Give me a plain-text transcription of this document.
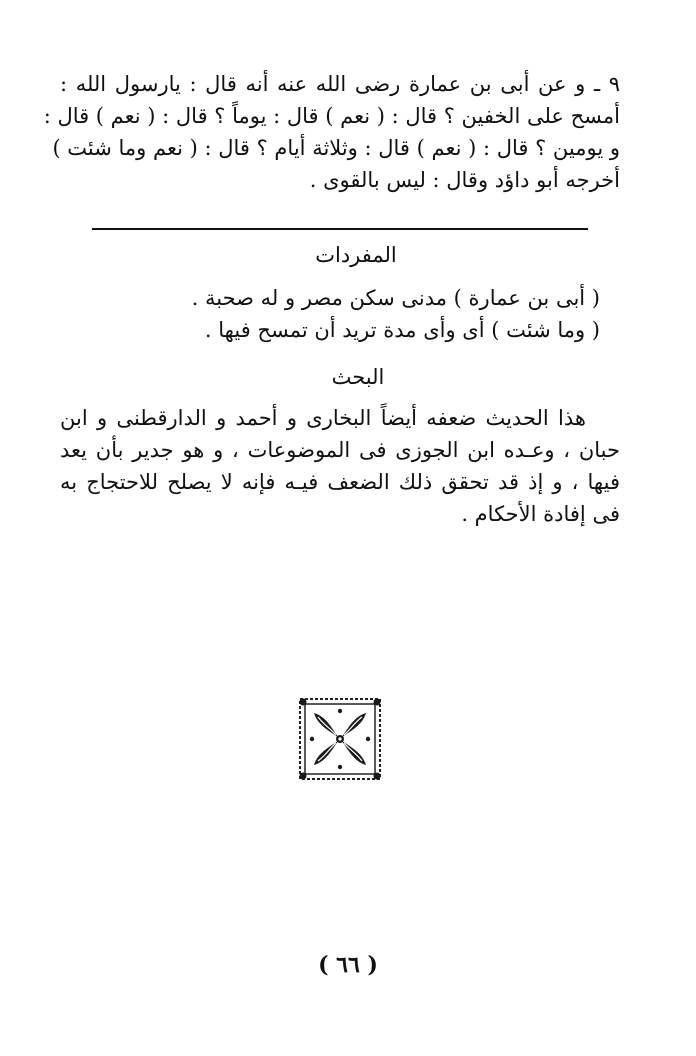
٩ ـ و عن أبى بن عمارة رضى الله عنه أنه قال : يارسول الله :
أمسح على الخفين ؟ قال : ( نعم ) قال : يوماً ؟ قال : ( نعم ) قال :
و يومين ؟ قال : ( نعم ) قال : وثلاثة أيام ؟ قال : ( نعم وما شئت )
أخرجه أبو داؤد وقال : ليس بالقوى .
المفردات
( أبى بن عمارة ) مدنى سكن مصر و له صحبة .
( وما شئت ) أى وأى مدة تريد أن تمسح فيها .
البحث
هذا الحديث ضعفه أيضاً البخارى و أحمد و الدارقطنى و ابن
حبان ، وعـده ابن الجوزى فى الموضوعات ، و هو جدير بأن يعد
فيها ، و إذ قد تحقق ذلك الضعف فيـه فإنه لا يصلح للاحتجاج به
فى إفادة الأحكام .
( ٦٦ )
